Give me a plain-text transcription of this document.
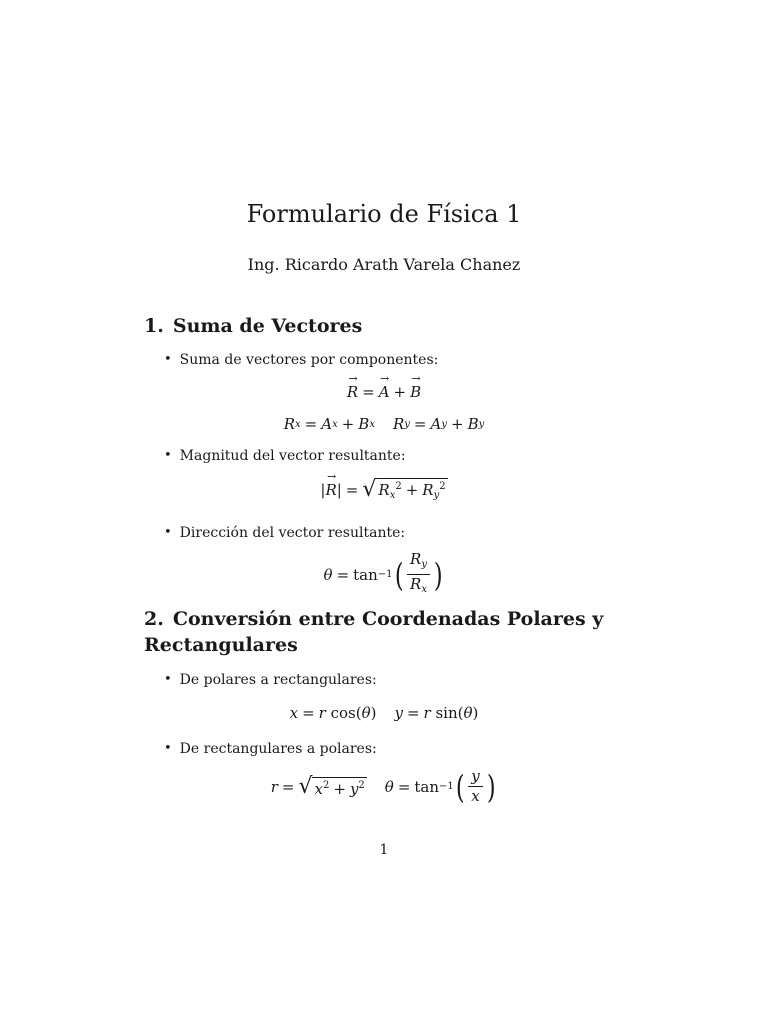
Formulario de Física 1
Ing. Ricardo Arath Varela Chanez
1. Suma de Vectores
• Suma de vectores por componentes:
→ R = → A + → B
R x = A x + B x R y = A y + B y
• Magnitud del vector resultante:
| → R | = √ $R_x^2 + R_y^2$
• Dirección del vector resultante:
θ = tan −1 ( $\frac{R_y}{R_x}$ )
2. Conversión entre Coordenadas Polares y
Rectangulares
• De polares a rectangulares:
x = r cos( θ ) y = r sin( θ )
• De rectangulares a polares:
r = √ $x^2 + y^2$ θ = tan −1 ( $\frac{y}{x}$ )
1
